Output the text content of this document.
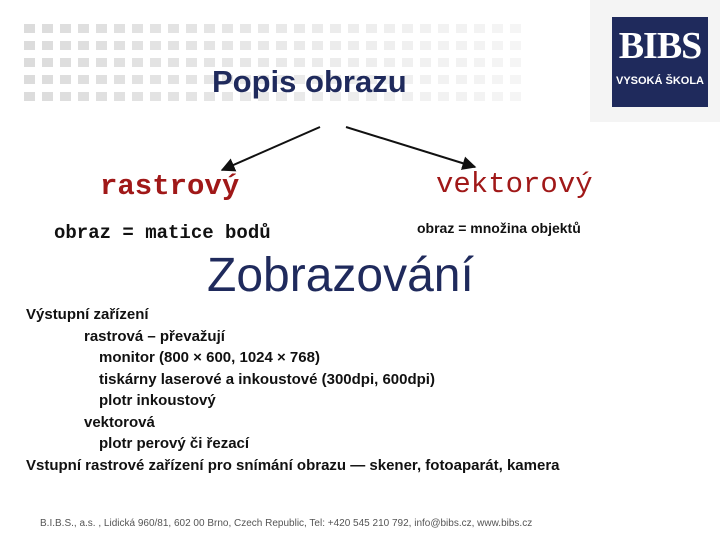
BIBS
VYSOKÁ ŠKOLA
Popis obrazu
rastrový	vektorový
obraz = matice bodů	obraz = množina objektů
Zobrazování
Výstupní zařízení
rastrová – převažují
monitor (800 × 600, 1024 × 768)
tiskárny laserové a inkoustové (300dpi, 600dpi)
plotr inkoustový
vektorová
plotr perový či řezací
Vstupní rastrové zařízení pro snímání obrazu — skener, fotoaparát, kamera
B.I.B.S., a.s. , Lidická 960/81, 602 00 Brno, Czech Republic, Tel: +420 545 210 792, info@bibs.cz, www.bibs.cz
